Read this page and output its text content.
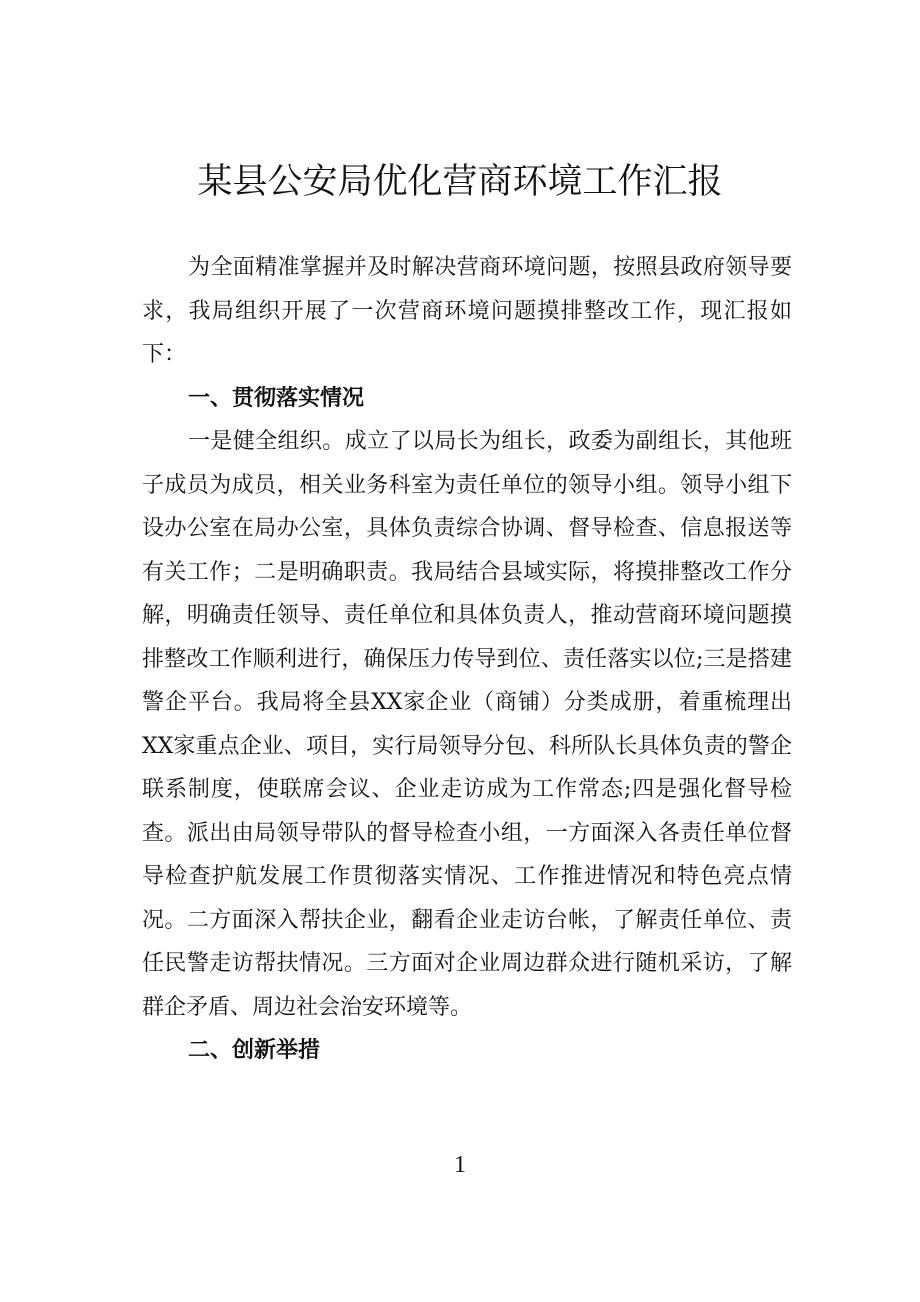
某县公安局优化营商环境工作汇报

为全面精准掌握并及时解决营商环境问题，按照县政府领导要求，我局组织开展了一次营商环境问题摸排整改工作，现汇报如下：

一、贯彻落实情况

一是健全组织。成立了以局长为组长，政委为副组长，其他班子成员为成员，相关业务科室为责任单位的领导小组。领导小组下设办公室在局办公室，具体负责综合协调、督导检查、信息报送等有关工作；二是明确职责。我局结合县域实际，将摸排整改工作分解，明确责任领导、责任单位和具体负责人，推动营商环境问题摸排整改工作顺利进行，确保压力传导到位、责任落实以位;三是搭建警企平台。我局将全县XX家企业（商铺）分类成册，着重梳理出XX家重点企业、项目，实行局领导分包、科所队长具体负责的警企联系制度，使联席会议、企业走访成为工作常态;四是强化督导检查。派出由局领导带队的督导检查小组，一方面深入各责任单位督导检查护航发展工作贯彻落实情况、工作推进情况和特色亮点情况。二方面深入帮扶企业，翻看企业走访台帐，了解责任单位、责任民警走访帮扶情况。三方面对企业周边群众进行随机采访，了解群企矛盾、周边社会治安环境等。

二、创新举措

1
